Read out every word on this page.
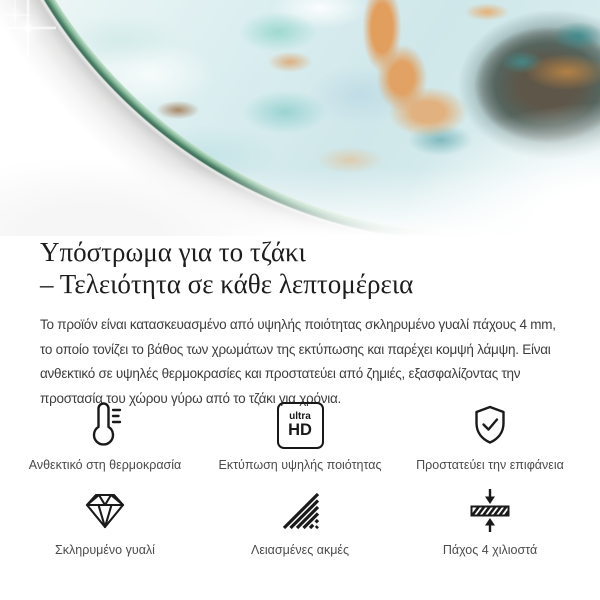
Υπόστρωμα για το τζάκι
– Τελειότητα σε κάθε λεπτομέρεια

Το προϊόν είναι κατασκευασμένο από υψηλής ποιότητας σκληρυμένο γυαλί πάχους 4 mm,
το οποίο τονίζει το βάθος των χρωμάτων της εκτύπωσης και παρέχει κομψή λάμψη. Είναι
ανθεκτικό σε υψηλές θερμοκρασίες και προστατεύει από ζημιές, εξασφαλίζοντας την
προστασία του χώρου γύρω από το τζάκι για χρόνια.

Ανθεκτικό στη θερμοκρασία
ultra
HD
Εκτύπωση υψηλής ποιότητας	Προστατεύει την επιφάνεια
Σκληρυμένο γυαλί	Λειασμένες ακμές	Πάχος 4 χιλιοστά
